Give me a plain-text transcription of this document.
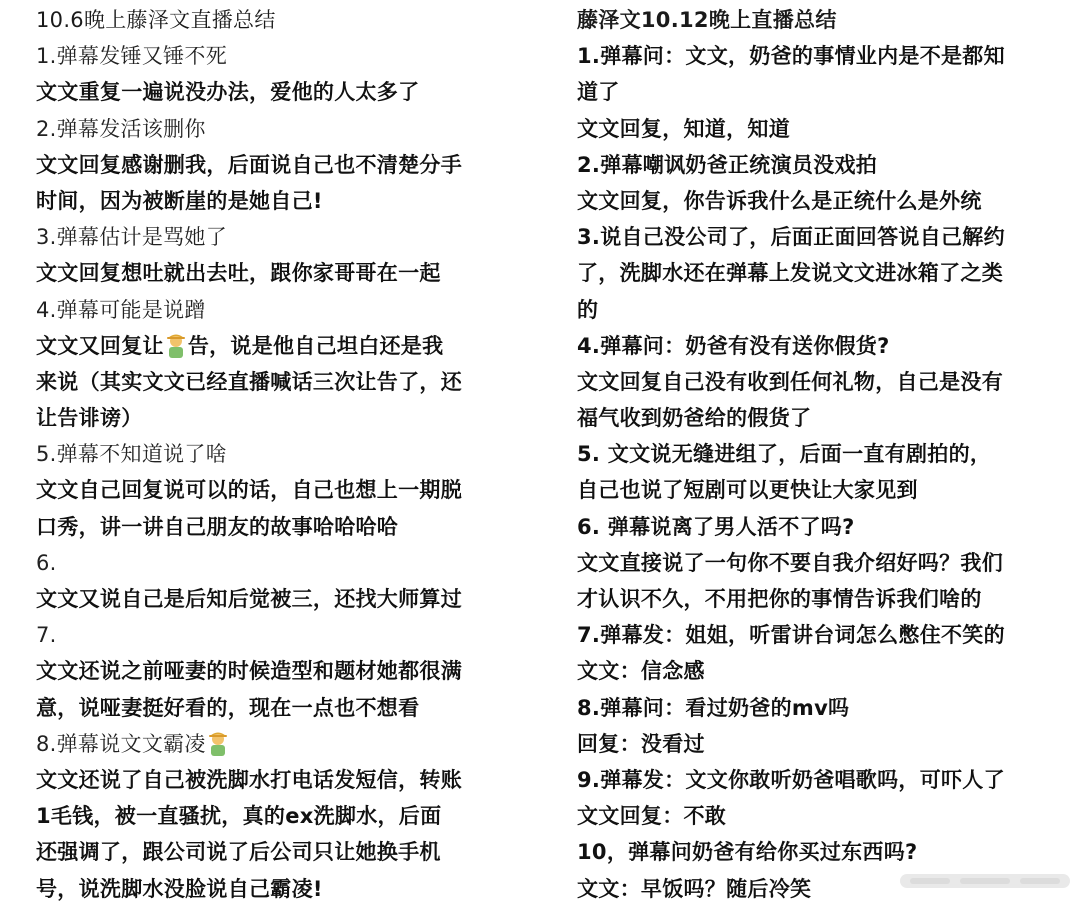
10.6晚上藤泽文直播总结
1.弹幕发锤又锤不死
文文重复一遍说没办法，爱他的人太多了
2.弹幕发活该删你
文文回复感谢删我，后面说自己也不清楚分手
时间，因为被断崖的是她自己!
3.弹幕估计是骂她了
文文回复想吐就出去吐，跟你家哥哥在一起
4.弹幕可能是说蹭
文文又回复让 告，说是他自己坦白还是我
来说（其实文文已经直播喊话三次让告了，还
让告诽谤）
5.弹幕不知道说了啥
文文自己回复说可以的话，自己也想上一期脱
口秀，讲一讲自己朋友的故事哈哈哈哈
6.
文文又说自己是后知后觉被三，还找大师算过
7.
文文还说之前哑妻的时候造型和题材她都很满
意，说哑妻挺好看的，现在一点也不想看
8.弹幕说文文霸凌
文文还说了自己被洗脚水打电话发短信，转账
1毛钱，被一直骚扰，真的ex洗脚水，后面
还强调了，跟公司说了后公司只让她换手机
号，说洗脚水没脸说自己霸凌!
藤泽文10.12晚上直播总结
1.弹幕问：文文，奶爸的事情业内是不是都知
道了
文文回复，知道，知道
2.弹幕嘲讽奶爸正统演员没戏拍
文文回复，你告诉我什么是正统什么是外统
3.说自己没公司了，后面正面回答说自己解约
了，洗脚水还在弹幕上发说文文进冰箱了之类
的
4.弹幕问：奶爸有没有送你假货?
文文回复自己没有收到任何礼物，自己是没有
福气收到奶爸给的假货了
5. 文文说无缝进组了，后面一直有剧拍的，
自己也说了短剧可以更快让大家见到
6. 弹幕说离了男人活不了吗?
文文直接说了一句你不要自我介绍好吗？我们
才认识不久，不用把你的事情告诉我们啥的
7.弹幕发：姐姐，听雷讲台词怎么憋住不笑的
文文：信念感
8.弹幕问：看过奶爸的mv吗
回复：没看过
9.弹幕发：文文你敢听奶爸唱歌吗，可吓人了
文文回复：不敢
10，弹幕问奶爸有给你买过东西吗?
文文：早饭吗？随后冷笑
